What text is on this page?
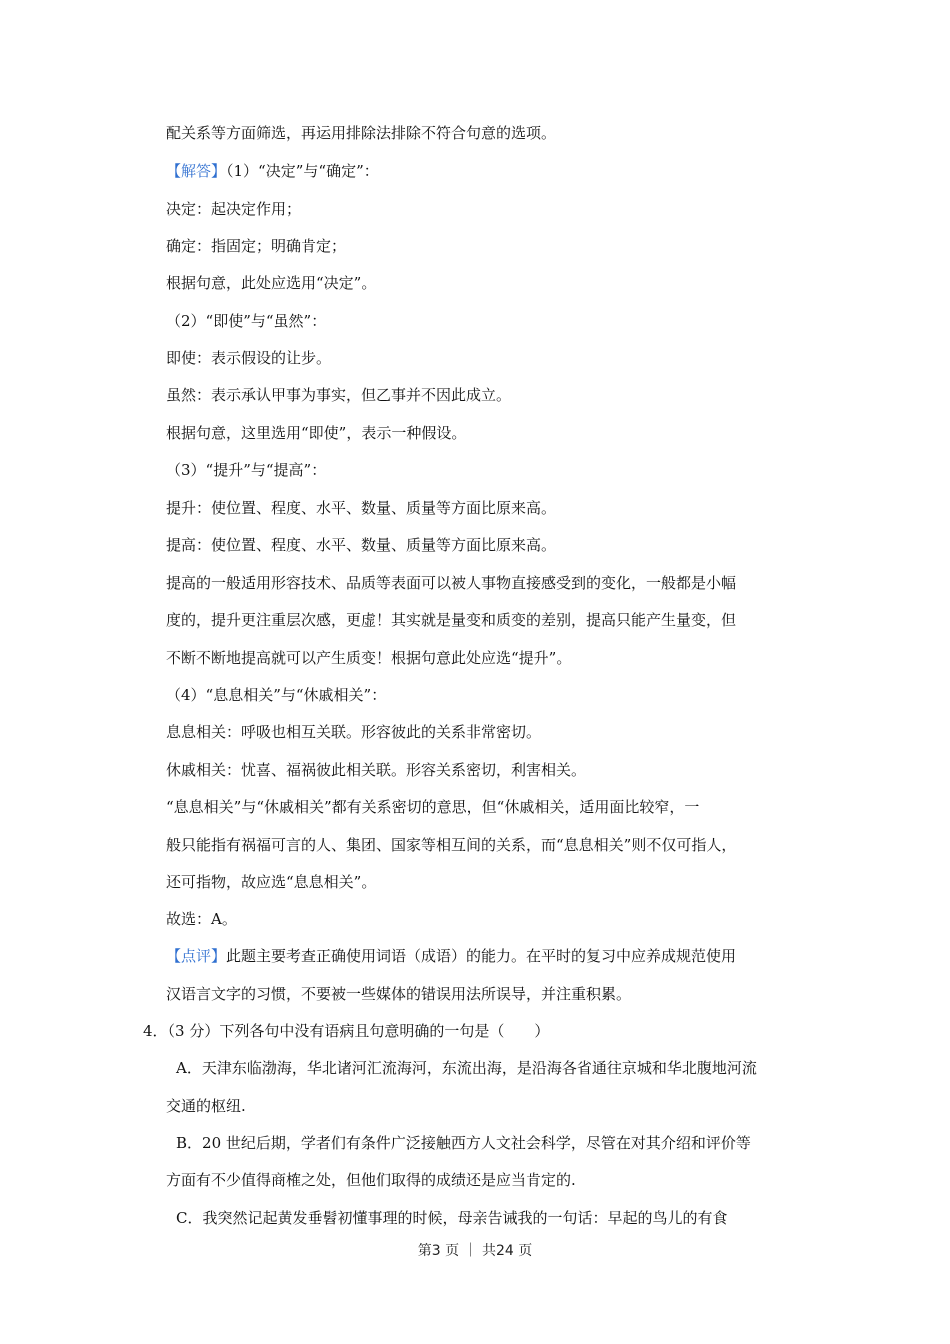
配关系等方面筛选，再运用排除法排除不符合句意的选项。
【解答】（1）“决定”与“确定”：
决定：起决定作用；
确定：指固定；明确肯定；
根据句意，此处应选用“决定”。
（2）“即使”与“虽然”：
即使：表示假设的让步。
虽然：表示承认甲事为事实，但乙事并不因此成立。
根据句意，这里选用“即使”，表示一种假设。
（3）“提升”与“提高”：
提升：使位置、程度、水平、数量、质量等方面比原来高。
提高：使位置、程度、水平、数量、质量等方面比原来高。
提高的一般适用形容技术、品质等表面可以被人事物直接感受到的变化，一般都是小幅
度的，提升更注重层次感，更虚！其实就是量变和质变的差别，提高只能产生量变，但
不断不断地提高就可以产生质变！根据句意此处应选“提升”。
（4）“息息相关”与“休戚相关”：
息息相关：呼吸也相互关联。形容彼此的关系非常密切。
休戚相关：忧喜、福祸彼此相关联。形容关系密切，利害相关。
“息息相关”与“休戚相关”都有关系密切的意思，但“休戚相关，适用面比较窄，一
般只能指有祸福可言的人、集团、国家等相互间的关系，而“息息相关”则不仅可指人，
还可指物，故应选“息息相关”。
故选：A。
【点评】此题主要考查正确使用词语（成语）的能力。在平时的复习中应养成规范使用
汉语言文字的习惯，不要被一些媒体的错误用法所误导，并注重积累。
4．（3 分）下列各句中没有语病且句意明确的一句是（　　）
A．天津东临渤海，华北诸河汇流海河，东流出海，是沿海各省通往京城和华北腹地河流
交通的枢纽.
B．20 世纪后期，学者们有条件广泛接触西方人文社会科学，尽管在对其介绍和评价等
方面有不少值得商榷之处，但他们取得的成绩还是应当肯定的.
C．我突然记起黄发垂髫初懂事理的时候，母亲告诫我的一句话：早起的鸟儿的有食
第3 页 ｜ 共24 页
